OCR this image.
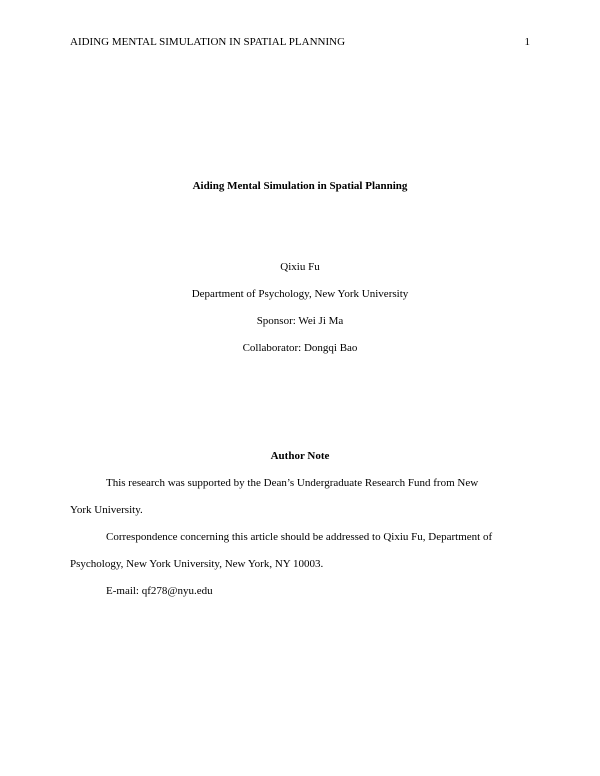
AIDING MENTAL SIMULATION IN SPATIAL PLANNING	1
Aiding Mental Simulation in Spatial Planning
Qixiu Fu
Department of Psychology, New York University
Sponsor: Wei Ji Ma
Collaborator: Dongqi Bao
Author Note
This research was supported by the Dean’s Undergraduate Research Fund from New
York University.
Correspondence concerning this article should be addressed to Qixiu Fu, Department of
Psychology, New York University, New York, NY 10003.
E-mail: qf278@nyu.edu
